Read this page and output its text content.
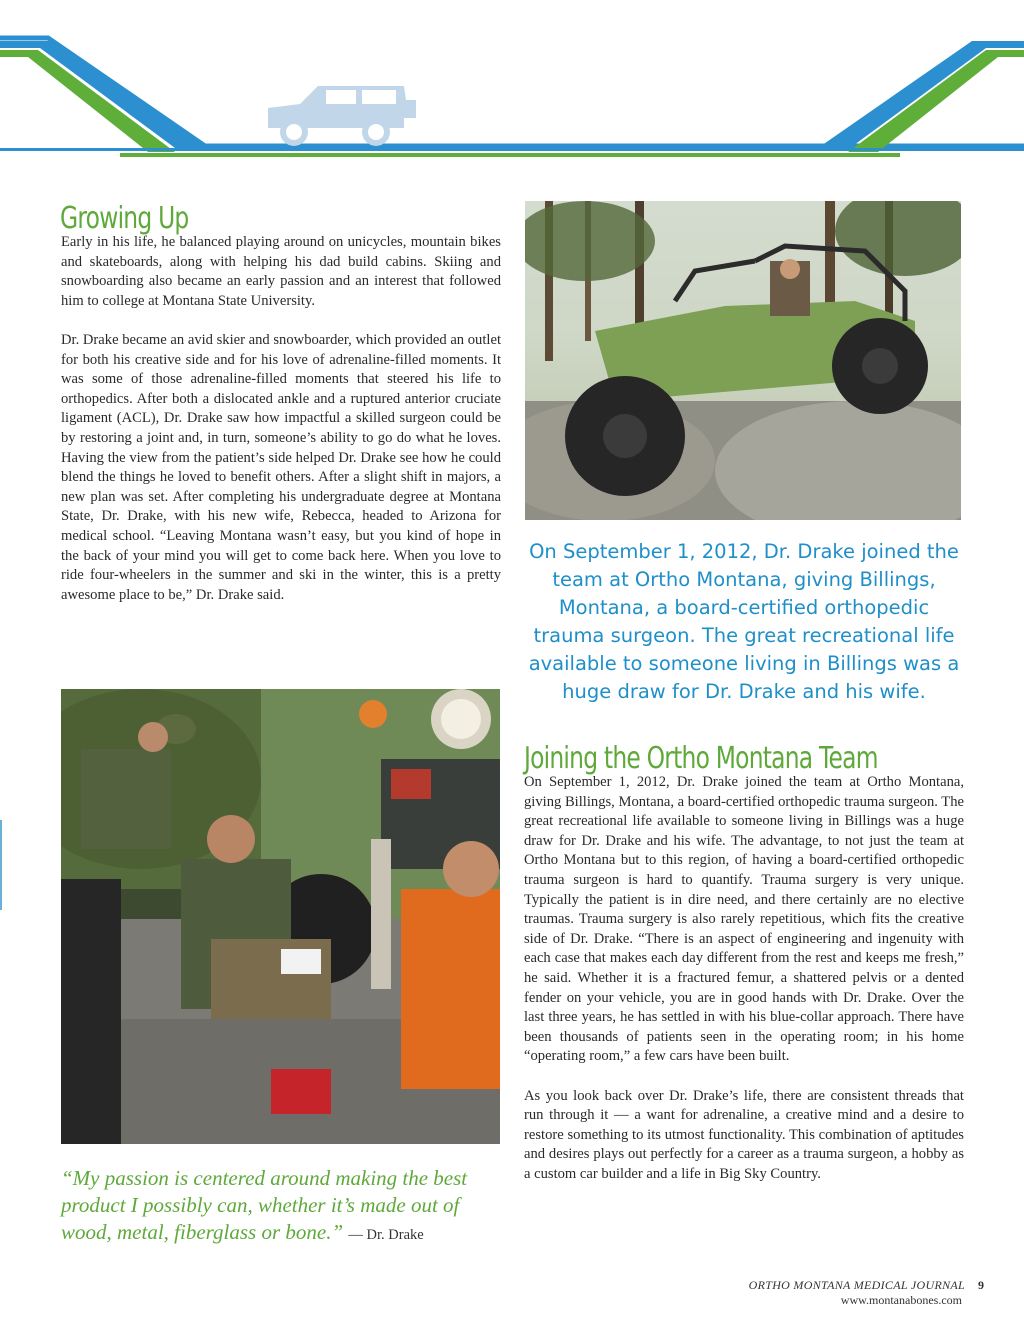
Growing Up

Early in his life, he balanced playing around on unicycles, mountain bikes and skateboards, along with helping his dad build cabins. Skiing and snowboarding also became an early passion and an interest that followed him to college at Montana State University.

Dr. Drake became an avid skier and snowboarder, which provided an outlet for both his creative side and for his love of adrenaline-filled moments. It was some of those adrenaline-filled moments that steered his life to orthopedics. After both a dislocated ankle and a ruptured anterior cruciate ligament (ACL), Dr. Drake saw how impactful a skilled surgeon could be by restoring a joint and, in turn, someone’s ability to go do what he loves. Having the view from the patient’s side helped Dr. Drake see how he could blend the things he loved to benefit others. After a slight shift in majors, a new plan was set. After completing his undergraduate degree at Montana State, Dr. Drake, with his new wife, Rebecca, headed to Arizona for medical school. “Leaving Montana wasn’t easy, but you kind of hope in the back of your mind you will get to come back here. When you love to ride four-wheelers in the summer and ski in the winter, this is a pretty awesome place to be,” Dr. Drake said.

On September 1, 2012, Dr. Drake joined the team at Ortho Montana, giving Billings, Montana, a board-certified orthopedic trauma surgeon. The great recreational life available to someone living in Billings was a huge draw for Dr. Drake and his wife.
Joining the Ortho Montana Team

On September 1, 2012, Dr. Drake joined the team at Ortho Montana, giving Billings, Montana, a board-certified orthopedic trauma surgeon. The great recreational life available to someone living in Billings was a huge draw for Dr. Drake and his wife. The advantage, to not just the team at Ortho Montana but to this region, of having a board-certified orthopedic trauma surgeon is hard to quantify. Trauma surgery is very unique. Typically the patient is in dire need, and there certainly are no elective traumas. Trauma surgery is also rarely repetitious, which fits the creative side of Dr. Drake. “There is an aspect of engineering and ingenuity with each case that makes each day different from the rest and keeps me fresh,” he said. Whether it is a fractured femur, a shattered pelvis or a dented fender on your vehicle, you are in good hands with Dr. Drake. Over the last three years, he has settled in with his blue-collar approach. There have been thousands of patients seen in the operating room; in his home “operating room,” a few cars have been built.

As you look back over Dr. Drake’s life, there are consistent threads that run through it — a want for adrenaline, a creative mind and a desire to restore something to its utmost functionality. This combination of aptitudes and desires plays out perfectly for a career as a trauma surgeon, a hobby as a custom car builder and a life in Big Sky Country.

“My passion is centered around making the best product I possibly can, whether it’s made out of wood, metal, fiberglass or bone.” — Dr. Drake
ORTHO MONTANA MEDICAL JOURNAL 9
www.montanabones.com
